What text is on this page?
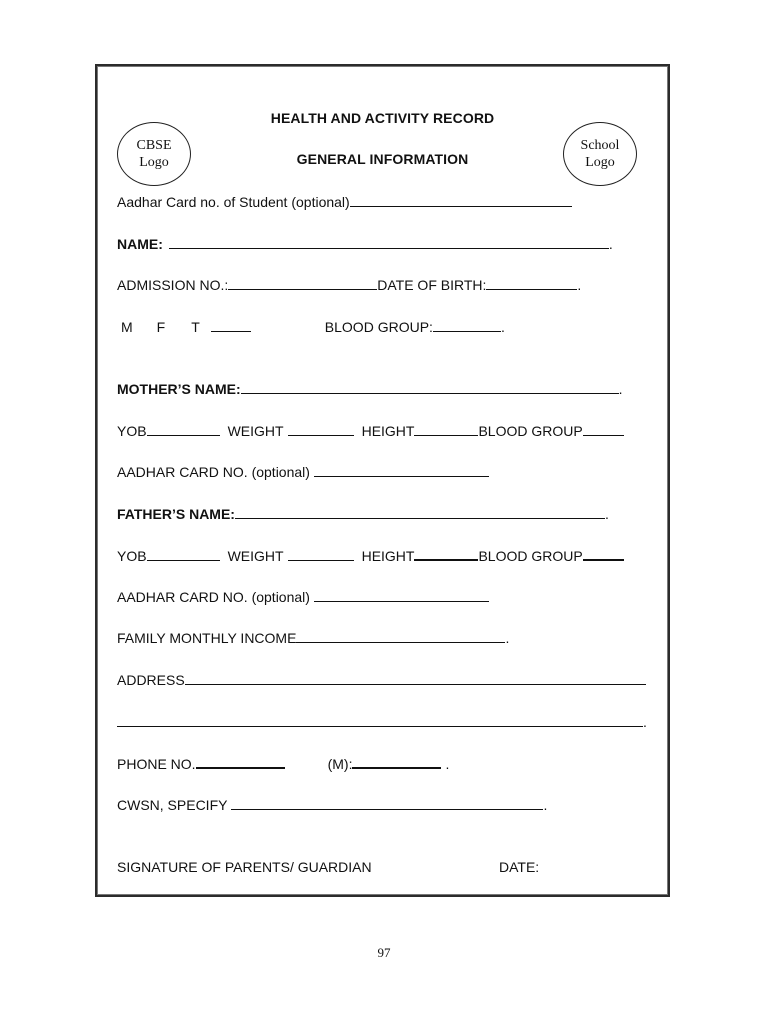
HEALTH AND ACTIVITY RECORD
GENERAL INFORMATION
CBSE
Logo
School
Logo
Aadhar Card no. of Student (optional)
NAME:	.
ADMISSION NO.:	DATE OF BIRTH:	.
M F T	BLOOD GROUP:	.
MOTHER’S NAME:	.
YOB	WEIGHT	HEIGHT	BLOOD GROUP
AADHAR CARD NO. (optional)
FATHER’S NAME:	.
YOB	WEIGHT	HEIGHT	BLOOD GROUP
AADHAR CARD NO. (optional)
FAMILY MONTHLY INCOME	.
ADDRESS
.
PHONE NO.	(M):	.
CWSN, SPECIFY	.
SIGNATURE OF PARENTS/ GUARDIAN	DATE:
97
